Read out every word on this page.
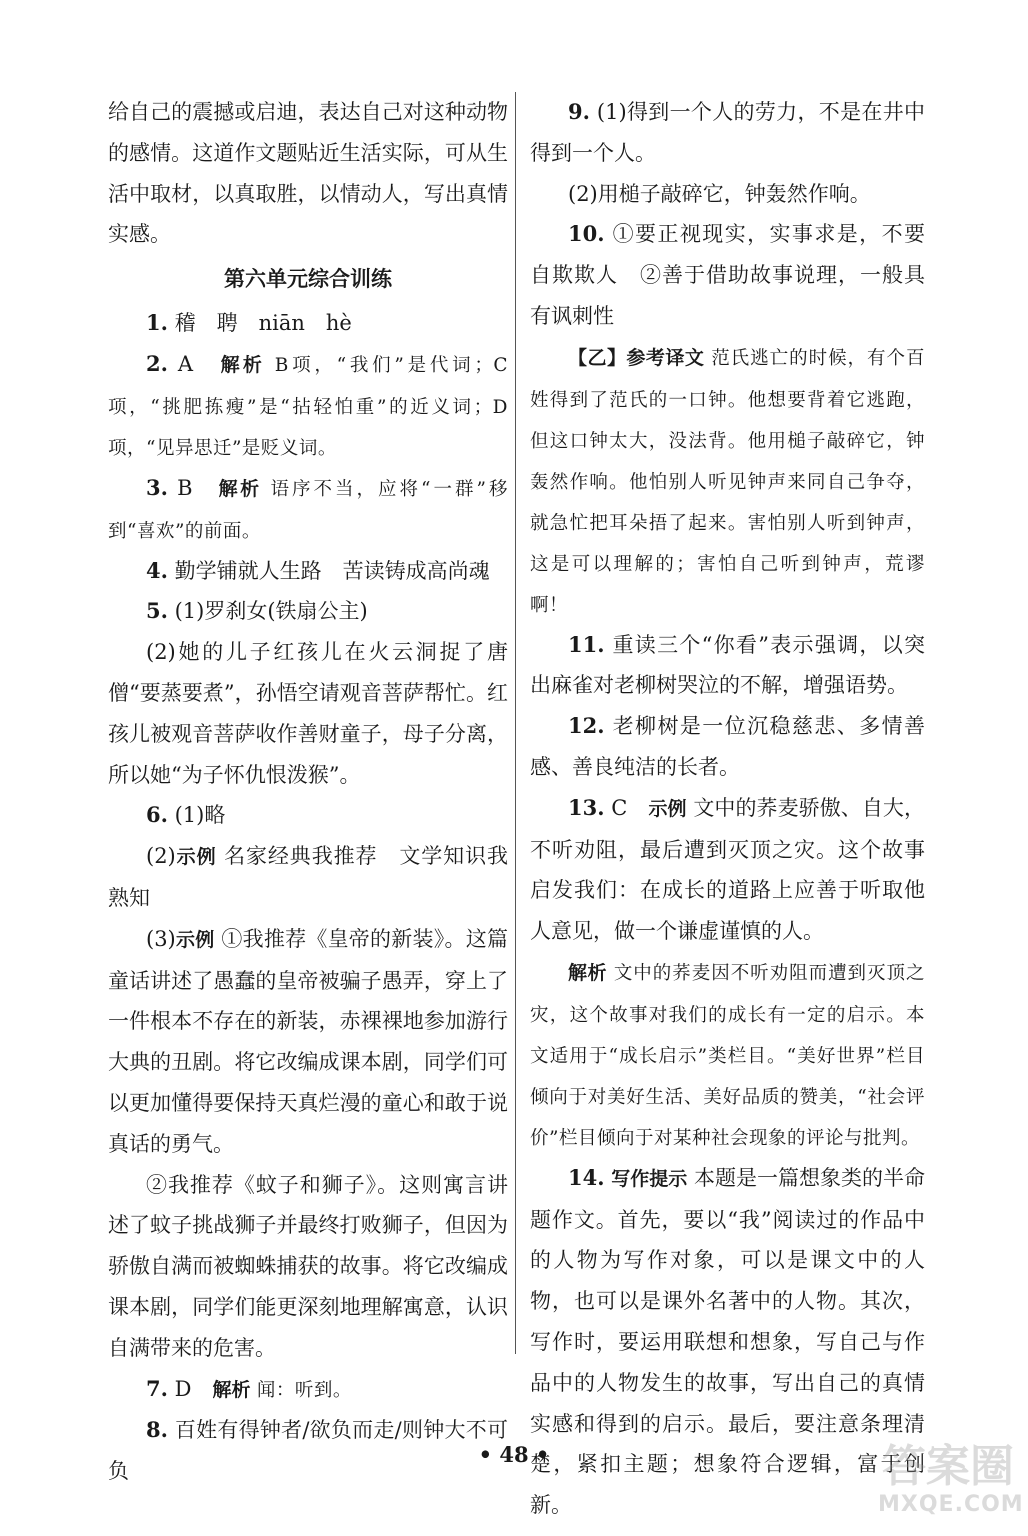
给自己的震撼或启迪，表达自己对这种动物的感情。这道作文题贴近生活实际，可从生活中取材，以真取胜，以情动人，写出真情实感。

第六单元综合训练

1. 稽　聘　niān　hè

2. A　解析 B项，“我们”是代词；C项，“挑肥拣瘦”是“拈轻怕重”的近义词；D项，“见异思迁”是贬义词。

3. B　解析 语序不当，应将“一群”移到“喜欢”的前面。

4. 勤学铺就人生路　苦读铸成高尚魂

5. (1)罗刹女(铁扇公主)

(2)她的儿子红孩儿在火云洞捉了唐僧“要蒸要煮”，孙悟空请观音菩萨帮忙。红孩儿被观音菩萨收作善财童子，母子分离，所以她“为子怀仇恨泼猴”。

6. (1)略

(2)示例 名家经典我推荐　文学知识我熟知

(3)示例 ①我推荐《皇帝的新装》。这篇童话讲述了愚蠢的皇帝被骗子愚弄，穿上了一件根本不存在的新装，赤裸裸地参加游行大典的丑剧。将它改编成课本剧，同学们可以更加懂得要保持天真烂漫的童心和敢于说真话的勇气。

②我推荐《蚊子和狮子》。这则寓言讲述了蚊子挑战狮子并最终打败狮子，但因为骄傲自满而被蜘蛛捕获的故事。将它改编成课本剧，同学们能更深刻地理解寓意，认识自满带来的危害。

7. D　解析 闻：听到。

8. 百姓有得钟者/欲负而走/则钟大不可负

9. (1)得到一个人的劳力，不是在井中得到一个人。

(2)用槌子敲碎它，钟轰然作响。

10. ①要正视现实，实事求是，不要自欺欺人　②善于借助故事说理，一般具有讽刺性

【乙】参考译文 范氏逃亡的时候，有个百姓得到了范氏的一口钟。他想要背着它逃跑，但这口钟太大，没法背。他用槌子敲碎它，钟轰然作响。他怕别人听见钟声来同自己争夺，就急忙把耳朵捂了起来。害怕别人听到钟声，这是可以理解的；害怕自己听到钟声，荒谬啊！

11. 重读三个“你看”表示强调，以突出麻雀对老柳树哭泣的不解，增强语势。

12. 老柳树是一位沉稳慈悲、多情善感、善良纯洁的长者。

13. C　示例 文中的荞麦骄傲、自大，不听劝阻，最后遭到灭顶之灾。这个故事启发我们：在成长的道路上应善于听取他人意见，做一个谦虚谨慎的人。

解析 文中的荞麦因不听劝阻而遭到灭顶之灾，这个故事对我们的成长有一定的启示。本文适用于“成长启示”类栏目。“美好世界”栏目倾向于对美好生活、美好品质的赞美，“社会评价”栏目倾向于对某种社会现象的评论与批判。

14. 写作提示 本题是一篇想象类的半命题作文。首先，要以“我”阅读过的作品中的人物为写作对象，可以是课文中的人物，也可以是课外名著中的人物。其次，写作时，要运用联想和想象，写自己与作品中的人物发生的故事，写出自己的真情实感和得到的启示。最后，要注意条理清楚，紧扣主题；想象符合逻辑，富于创新。

• 48 •	答案圈
MXQE.COM
